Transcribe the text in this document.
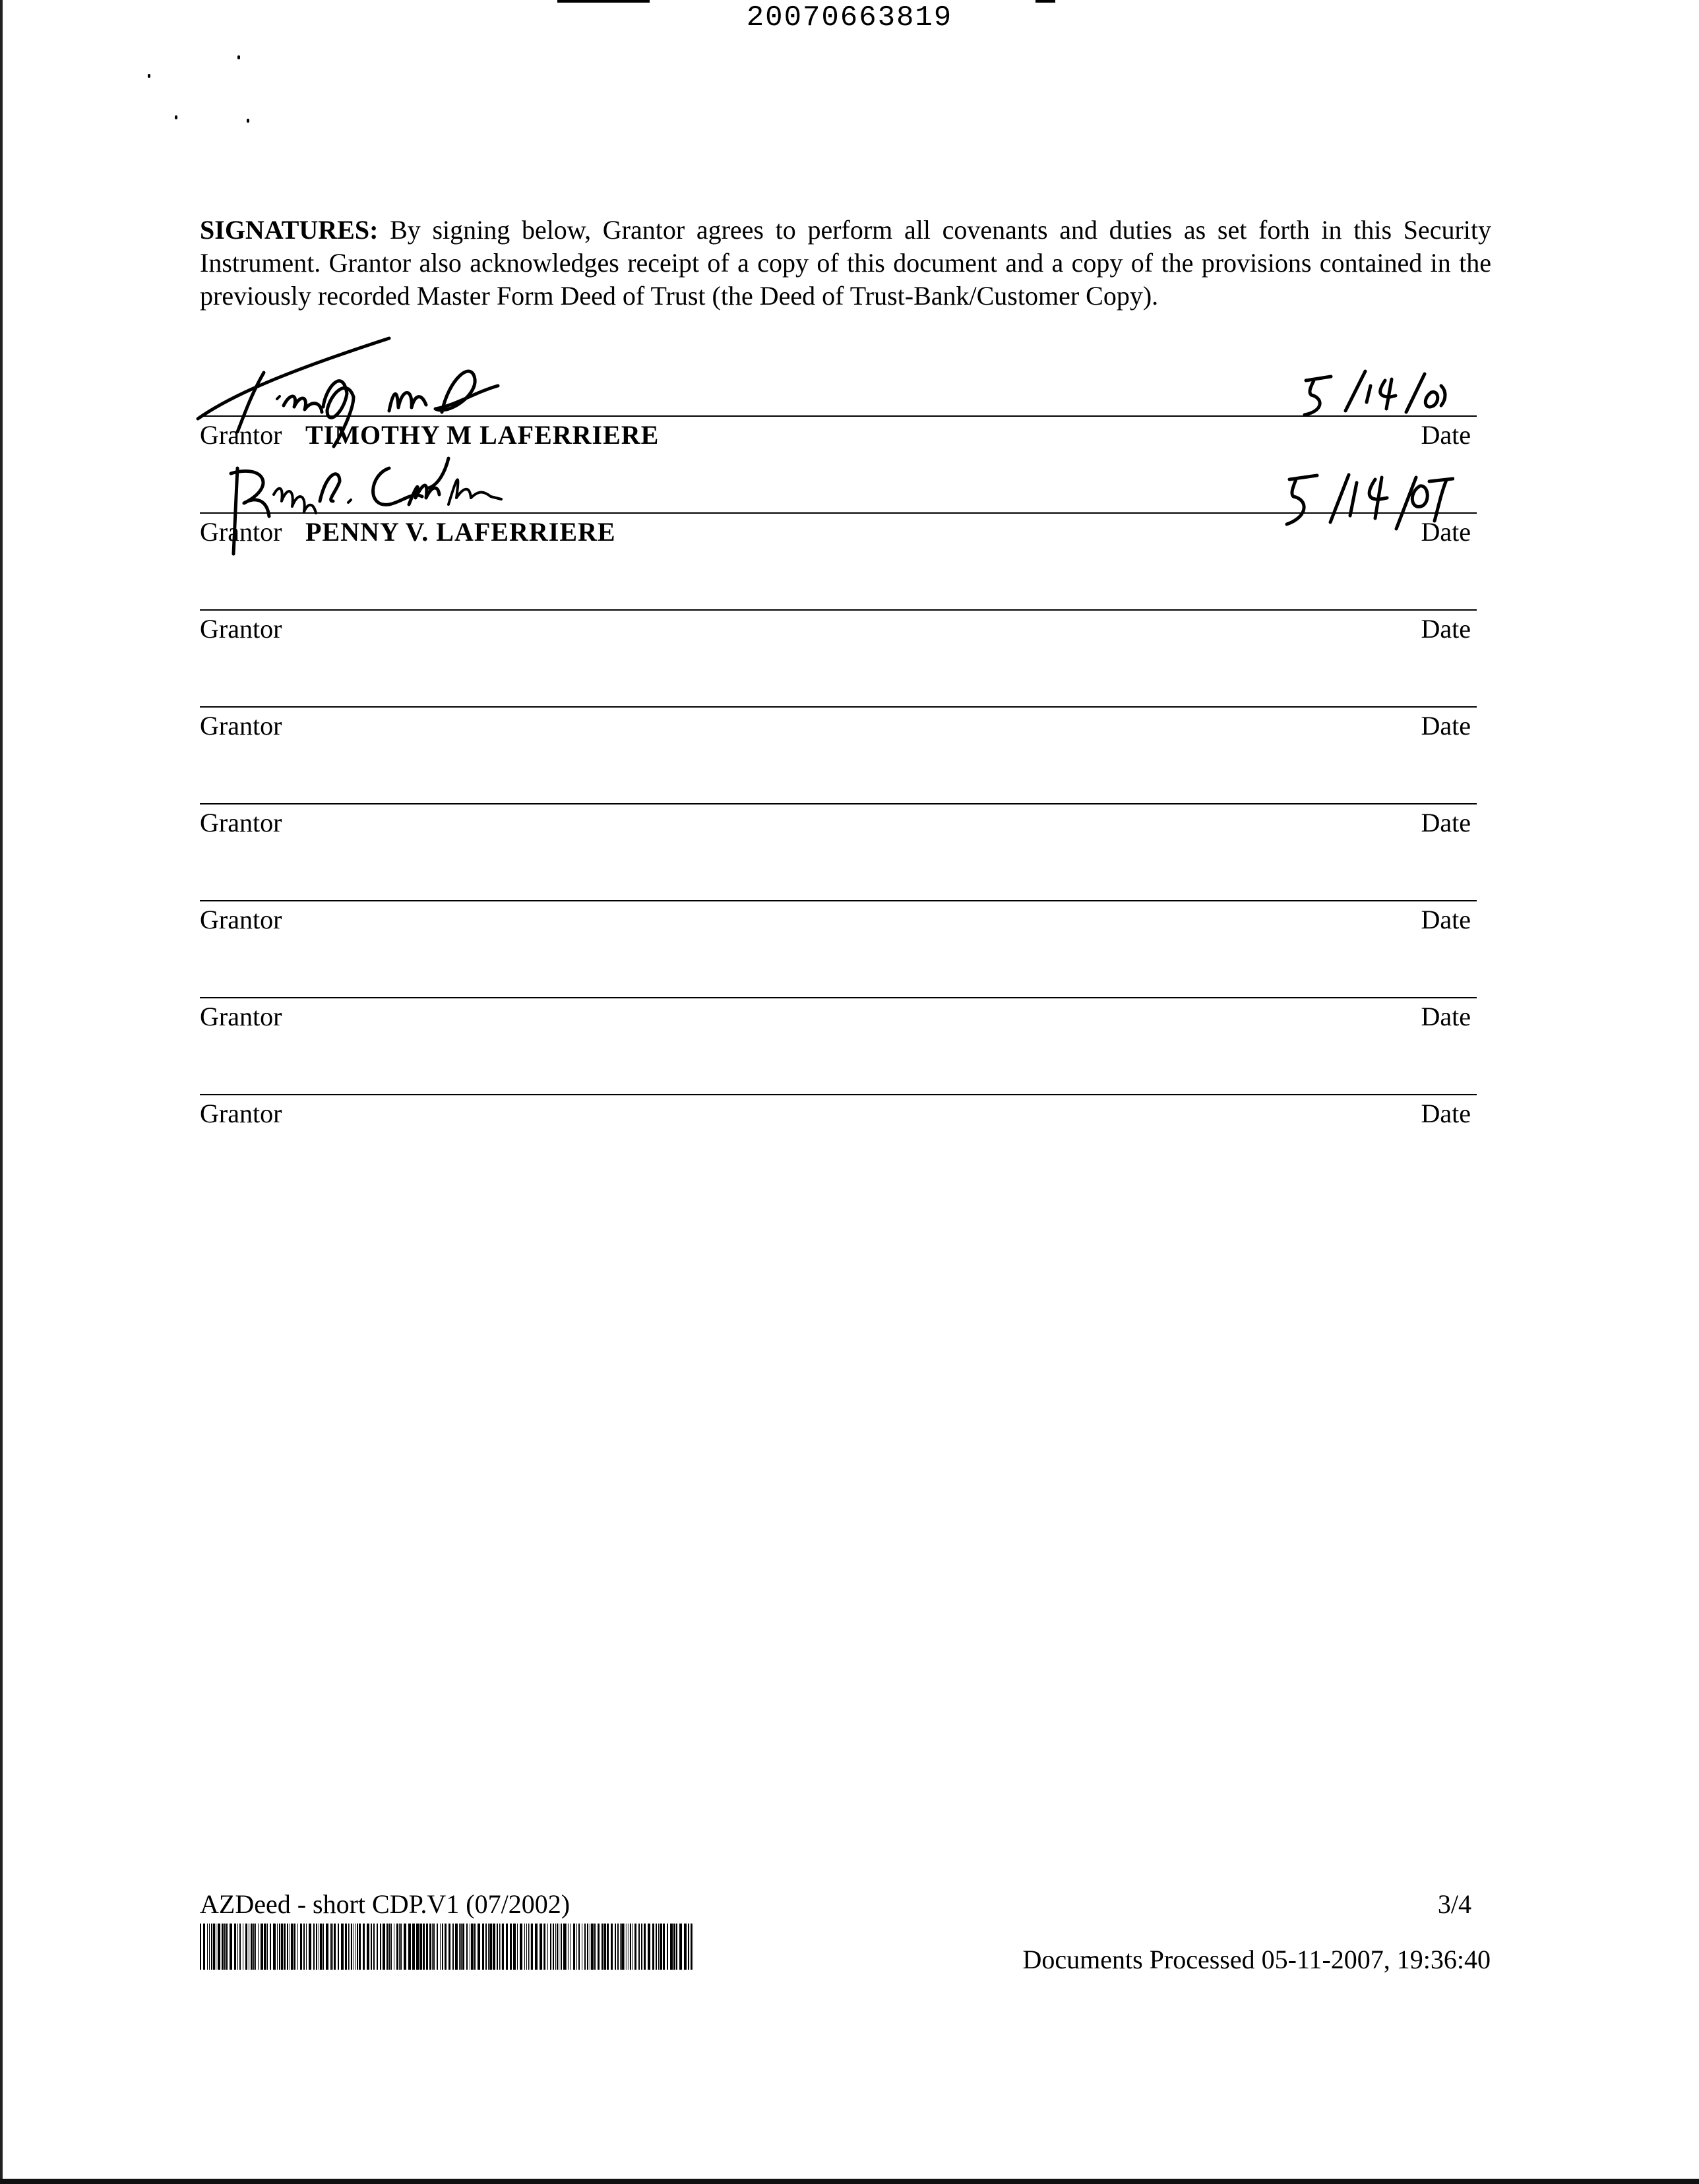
20070663819

SIGNATURES: By signing below, Grantor agrees to perform all covenants and duties as set forth in this Security Instrument. Grantor also acknowledges receipt of a copy of this document and a copy of the provisions contained in the previously recorded Master Form Deed of Trust (the Deed of Trust-Bank/Customer Copy).

Grantor TIMOTHY M LAFERRIERE	Date
Grantor PENNY V. LAFERRIERE	Date
Grantor	Date
Grantor	Date
Grantor	Date
Grantor	Date
Grantor	Date
Grantor	Date
AZDeed - short CDP.V1 (07/2002)	3/4
Documents Processed 05-11-2007, 19:36:40
